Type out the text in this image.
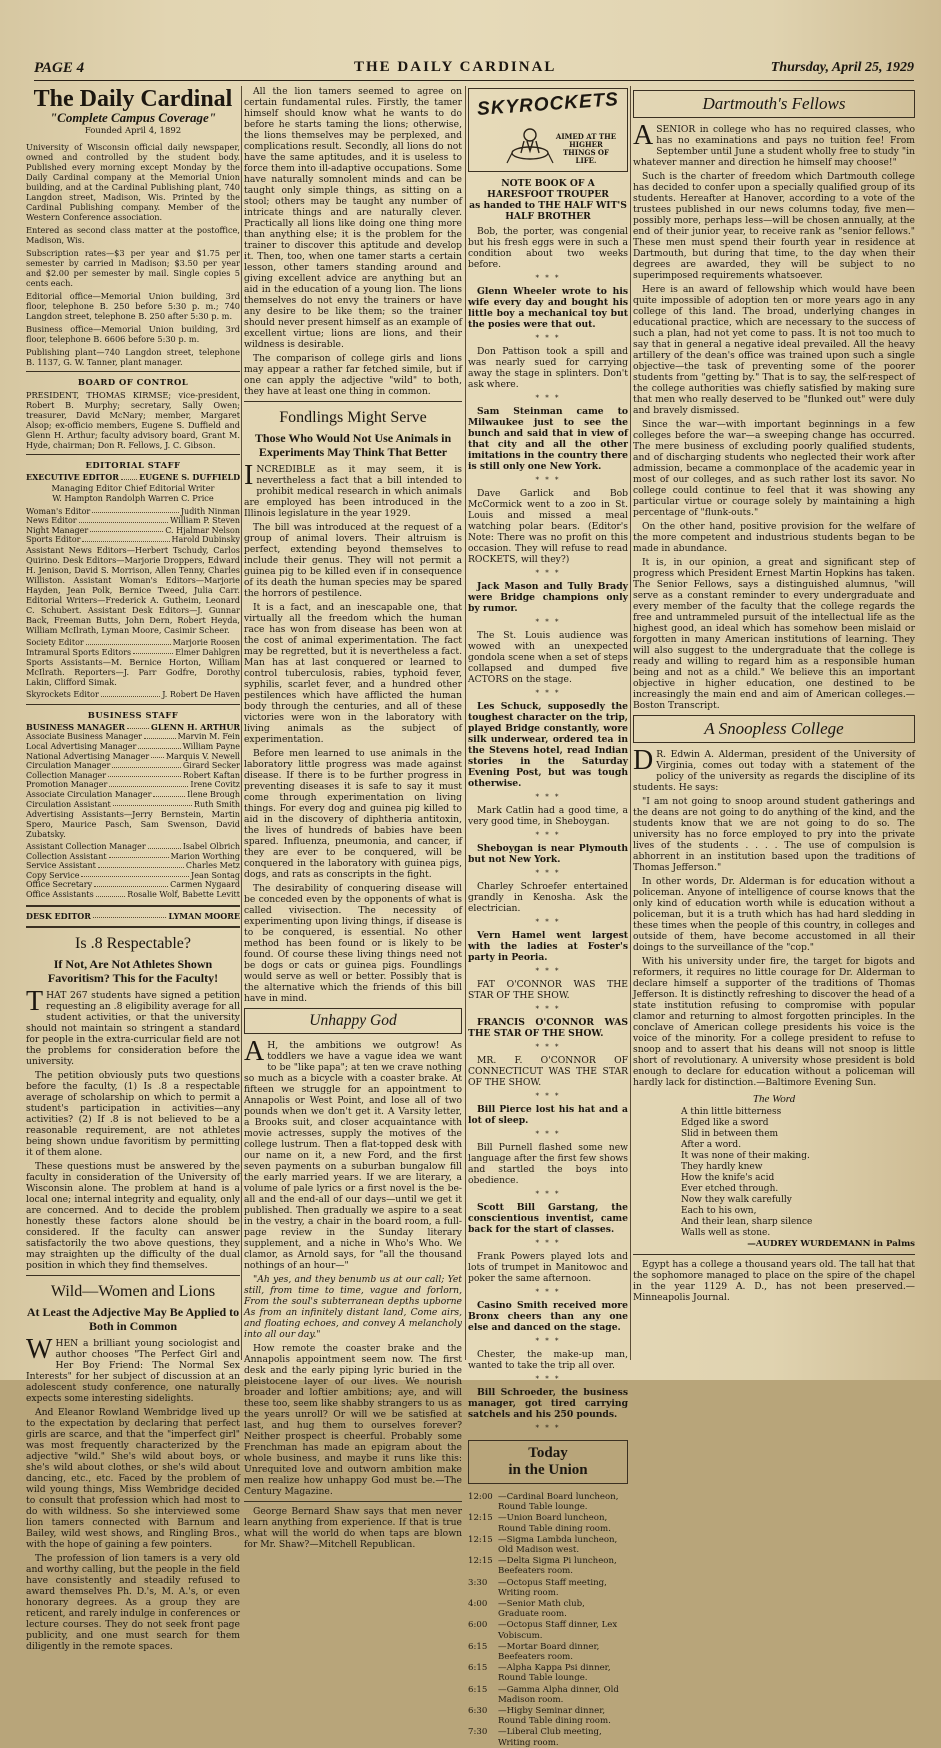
PAGE 4	THE DAILY CARDINAL	Thursday, April 25, 1929
The Daily Cardinal
"Complete Campus Coverage"
Founded April 4, 1892

University of Wisconsin official daily newspaper, owned and controlled by the student body. Published every morning except Monday by the Daily Cardinal company at the Memorial Union building, and at the Cardinal Publishing plant, 740 Langdon street, Madison, Wis. Printed by the Cardinal Publishing company. Member of the Western Conference association.

Entered as second class matter at the postoffice, Madison, Wis.

Subscription rates—$3 per year and $1.75 per semester by carried in Madison; $3.50 per year and $2.00 per semester by mail. Single copies 5 cents each.

Editorial office—Memorial Union building, 3rd floor, telephone B. 250 before 5:30 p. m.; 740 Langdon street, telephone B. 250 after 5:30 p. m.

Business office—Memorial Union building, 3rd floor, telephone B. 6606 before 5:30 p. m.

Publishing plant—740 Langdon street, telephone B. 1137, G. W. Tanner, plant manager.

BOARD OF CONTROL

PRESIDENT, THOMAS KIRMSE; vice-president, Robert B. Murphy; secretary, Sally Owen; treasurer, David McNary; member, Margaret Alsop; ex-officio members, Eugene S. Duffield and Glenn H. Arthur; faculty advisory board, Grant M. Hyde, chairman; Don R. Fellows, J. C. Gibson.

EDITORIAL STAFF
EXECUTIVE EDITOR	EUGENE S. DUFFIELD
Managing Editor Chief Editorial Writer
W. Hampton Randolph Warren C. Price
Woman's Editor	Judith Ninman
News Editor	William P. Steven
Night Manager	C. Hjalmar Nelson
Sports Editor	Harold Dubinsky

Assistant News Editors—Herbert Tschudy, Carlos Quirino. Desk Editors—Marjorie Droppers, Edward H. Jenison, David S. Morrison, Allen Tenny, Charles Williston. Assistant Woman's Editors—Marjorie Hayden, Jean Polk, Bernice Tweed, Julia Carr. Editorial Writers—Frederick A. Gutheim, Leonard C. Schubert. Assistant Desk Editors—J. Gunnar Back, Freeman Butts, John Dern, Robert Heyda, William McIlrath, Lyman Moore, Casimir Scheer.

Society Editor	Marjorie Roosen
Intramural Sports Editors	Elmer Dahlgren

Sports Assistants—M. Bernice Horton, William McIlrath. Reporters—J. Parr Godfre, Dorothy Lakin, Clifford Simak.

Skyrockets Editor	J. Robert De Haven
BUSINESS STAFF
BUSINESS MANAGER	GLENN H. ARTHUR
Associate Business Manager	Marvin M. Fein
Local Advertising Manager	William Payne
National Advertising Manager Marquis V. Newell
Circulation Manager	Girard Secker
Collection Manager	Robert Kaftan
Promotion Manager	Irene Covitz
Associate Circulation Manager	Ilene Brough
Circulation Assistant	Ruth Smith

Advertising Assistants—Jerry Bernstein, Martin Spero, Maurice Pasch, Sam Swenson, David Zubatsky.

Assistant Collection Manager	Isabel Olbrich
Collection Assistant	Marion Worthing
Service Assistant	Charles Metz
Copy Service	Jean Sontag
Office Secretary	Carmen Nygaard
Office Assistants	Rosalie Wolf, Babette Levitt
DESK EDITOR	LYMAN MOORE
Is .8 Respectable?
If Not, Are Not Athletes Shown Favoritism? This for the Faculty!

THAT 267 students have signed a petition requesting an .8 eligibility average for all student activities, or that the university should not maintain so stringent a standard for people in the extra-curricular field are not the problems for consideration before the university.

The petition obviously puts two questions before the faculty, (1) Is .8 a respectable average of scholarship on which to permit a student's participation in activities—any activities? (2) If .8 is not believed to be a reasonable requirement, are not athletes being shown undue favoritism by permitting it of them alone.

These questions must be answered by the faculty in consideration of the University of Wisconsin alone. The problem at hand is a local one; internal integrity and equality, only are concerned. And to decide the problem honestly these factors alone should be considered. If the faculty can answer satisfactorily the two above questions, they may straighten up the difficulty of the dual position in which they find themselves.

Wild—Women and Lions
At Least the Adjective May Be Applied to Both in Common

WHEN a brilliant young sociologist and author chooses "The Perfect Girl and Her Boy Friend: The Normal Sex Interests" for her subject of discussion at an adolescent study conference, one naturally expects some interesting sidelights.

And Eleanor Rowland Wembridge lived up to the expectation by declaring that perfect girls are scarce, and that the "imperfect girl" was most frequently characterized by the adjective "wild." She's wild about boys, or she's wild about clothes, or she's wild about dancing, etc., etc. Faced by the problem of wild young things, Miss Wembridge decided to consult that profession which had most to do with wildness. So she interviewed some lion tamers connected with Barnum and Bailey, wild west shows, and Ringling Bros., with the hope of gaining a few pointers.

The profession of lion tamers is a very old and worthy calling, but the people in the field have consistently and steadily refused to award themselves Ph. D.'s, M. A.'s, or even honorary degrees. As a group they are reticent, and rarely indulge in conferences or lecture courses. They do not seek front page publicity, and one must search for them diligently in the remote spaces.

All the lion tamers seemed to agree on certain fundamental rules. Firstly, the tamer himself should know what he wants to do before he starts taming the lions; otherwise, the lions themselves may be perplexed, and complications result. Secondly, all lions do not have the same aptitudes, and it is useless to force them into ill-adaptive occupations. Some have naturally somnolent minds and can be taught only simple things, as sitting on a stool; others may be taught any number of intricate things and are naturally clever. Practically all lions like doing one thing more than anything else; it is the problem for the trainer to discover this aptitude and develop it. Then, too, when one tamer starts a certain lesson, other tamers standing around and giving excellent advice are anything but an aid in the education of a young lion. The lions themselves do not envy the trainers or have any desire to be like them; so the trainer should never present himself as an example of excellent virtue; lions are lions, and their wildness is desirable.

The comparison of college girls and lions may appear a rather far fetched simile, but if one can apply the adjective "wild" to both, they have at least one thing in common.

Fondlings Might Serve
Those Who Would Not Use Animals in Experiments May Think That Better

INCREDIBLE as it may seem, it is nevertheless a fact that a bill intended to prohibit medical research in which animals are employed has been introduced in the Illinois legislature in the year 1929.

The bill was introduced at the request of a group of animal lovers. Their altruism is perfect, extending beyond themselves to include their genus. They will not permit a guinea pig to be killed even if in consequence of its death the human species may be spared the horrors of pestilence.

It is a fact, and an inescapable one, that virtually all the freedom which the human race has won from disease has been won at the cost of animal experimentation. The fact may be regretted, but it is nevertheless a fact. Man has at last conquered or learned to control tuberculosis, rabies, typhoid fever, syphilis, scarlet fever, and a hundred other pestilences which have afflicted the human body through the centuries, and all of these victories were won in the laboratory with living animals as the subject of experimentation.

Before men learned to use animals in the laboratory little progress was made against disease. If there is to be further progress in preventing diseases it is safe to say it must come through experimentation on living things. For every dog and guinea pig killed to aid in the discovery of diphtheria antitoxin, the lives of hundreds of babies have been spared. Influenza, pneumonia, and cancer, if they are ever to be conquered, will be conquered in the laboratory with guinea pigs, dogs, and rats as conscripts in the fight.

The desirability of conquering disease will be conceded even by the opponents of what is called vivisection. The necessity of experimenting upon living things, if disease is to be conquered, is essential. No other method has been found or is likely to be found. Of course these living things need not be dogs or cats or guinea pigs. Foundlings would serve as well or better. Possibly that is the alternative which the friends of this bill have in mind.

Unhappy God

A H, the ambitions we outgrow! As toddlers we have a vague idea we want to be "like papa"; at ten we crave nothing so much as a bicycle with a coaster brake. At fifteen we struggle for an appointment to Annapolis or West Point, and lose all of two pounds when we don't get it. A Varsity letter, a Brooks suit, and closer acquaintance with movie actresses, supply the motives of the college lustrum. Then a flat-topped desk with our name on it, a new Ford, and the first seven payments on a suburban bungalow fill the early married years. If we are literary, a volume of pale lyrics or a first novel is the be-all and the end-all of our days—until we get it published. Then gradually we aspire to a seat in the vestry, a chair in the board room, a full-page review in the Sunday literary supplement, and a niche in Who's Who. We clamor, as Arnold says, for "all the thousand nothings of an hour—"

"Ah yes, and they benumb us at our call; Yet still, from time to time, vague and forlorn, From the soul's subterranean depths upborne As from an infinitely distant land, Come airs, and floating echoes, and convey A melancholy into all our day."

How remote the coaster brake and the Annapolis appointment seem now. The first desk and the early piping lyric buried in the pleistocene layer of our lives. We nourish broader and loftier ambitions; aye, and will these too, seem like shabby strangers to us as the years unroll? Or will we be satisfied at last, and hug them to ourselves forever? Neither prospect is cheerful. Probably some Frenchman has made an epigram about the whole business, and maybe it runs like this: Unrequited love and outworn ambition make men realize how unhappy God must be.—The Century Magazine.

George Bernard Shaw says that men never learn anything from experience. If that is true what will the world do when taps are blown for Mr. Shaw?—Mitchell Republican.

SKYROCKETS
AIMED AT THE HIGHER THINGS OF LIFE.
NOTE BOOK OF A HARESFOOT TROUPER
as handed to THE HALF WIT'S HALF BROTHER

Bob, the porter, was congenial but his fresh eggs were in such a condition about two weeks before.

* * *

Glenn Wheeler wrote to his wife every day and bought his little boy a mechanical toy but the posies were that out.

* * *

Don Pattison took a spill and was nearly sued for carrying away the stage in splinters. Don't ask where.

* * *

Sam Steinman came to Milwaukee just to see the bunch and said that in view of that city and all the other imitations in the country there is still only one New York.

* * *

Dave Garlick and Bob McCormick went to a zoo in St. Louis and missed a meal watching polar bears. (Editor's Note: There was no profit on this occasion. They will refuse to read ROCKETS, will they?)

* * *

Jack Mason and Tully Brady were Bridge champions only by rumor.

* * *

The St. Louis audience was wowed with an unexpected gondola scene when a set of steps collapsed and dumped five ACTORS on the stage.

* * *

Les Schuck, supposedly the toughest character on the trip, played Bridge constantly, wore silk underwear, ordered tea in the Stevens hotel, read Indian stories in the Saturday Evening Post, but was tough otherwise.

* * *

Mark Catlin had a good time, a very good time, in Sheboygan.

* * *

Sheboygan is near Plymouth but not New York.

* * *

Charley Schroefer entertained grandly in Kenosha. Ask the electrician.

* * *

Vern Hamel went largest with the ladies at Foster's party in Peoria.

* * *

FAT O'CONNOR WAS THE STAR OF THE SHOW.

* * *

FRANCIS O'CONNOR WAS THE STAR OF THE SHOW.

* * *

MR. F. O'CONNOR OF CONNECTICUT WAS THE STAR OF THE SHOW.

* * *

Bill Pierce lost his hat and a lot of sleep.

* * *

Bill Purnell flashed some new language after the first few shows and startled the boys into obedience.

* * *

Scott Bill Garstang, the conscientious inventist, came back for the start of classes.

* * *

Frank Powers played lots and lots of trumpet in Manitowoc and poker the same afternoon.

* * *

Casino Smith received more Bronx cheers than any one else and danced on the stage.

* * *

Chester, the make-up man, wanted to take the trip all over.

* * *

Bill Schroeder, the business manager, got tired carrying satchels and his 250 pounds.

* * *
Today
in the Union
12:00 —Cardinal Board luncheon, Round Table lounge.
12:15 —Union Board luncheon, Round Table dining room.
12:15 —Sigma Lambda luncheon, Old Madison west.
12:15 —Delta Sigma Pi luncheon, Beefeaters room.
3:30	—Octopus Staff meeting, Writing room.
4:00	—Senior Math club, Graduate room.
6:00	—Octopus Staff dinner, Lex Vobiscum.
6:15	—Mortar Board dinner, Beefeaters room.
6:15	—Alpha Kappa Psi dinner, Round Table lounge.
6:15	—Gamma Alpha dinner, Old Madison room.
6:30	—Higby Seminar dinner, Round Table dining room.
7:30	—Liberal Club meeting, Writing room.
Dartmouth's Fellows

ASENIOR in college who has no required classes, who has no examinations and pays no tuition fee! From September until June a student wholly free to study "in whatever manner and direction he himself may choose!"

Such is the charter of freedom which Dartmouth college has decided to confer upon a specially qualified group of its students. Hereafter at Hanover, according to a vote of the trustees published in our news columns today, five men—possibly more, perhaps less—will be chosen annually, at the end of their junior year, to receive rank as "senior fellows." These men must spend their fourth year in residence at Dartmouth, but during that time, to the day when their degrees are awarded, they will be subject to no superimposed requirements whatsoever.

Here is an award of fellowship which would have been quite impossible of adoption ten or more years ago in any college of this land. The broad, underlying changes in educational practice, which are necessary to the success of such a plan, had not yet come to pass. It is not too much to say that in general a negative ideal prevailed. All the heavy artillery of the dean's office was trained upon such a single objective—the task of preventing some of the poorer students from "getting by." That is to say, the self-respect of the college authorities was chiefly satisfied by making sure that men who really deserved to be "flunked out" were duly and bravely dismissed.

Since the war—with important beginnings in a few colleges before the war—a sweeping change has occurred. The mere business of excluding poorly qualified students, and of discharging students who neglected their work after admission, became a commonplace of the academic year in most of our colleges, and as such rather lost its savor. No college could continue to feel that it was showing any particular virtue or courage solely by maintaining a high percentage of "flunk-outs."

On the other hand, positive provision for the welfare of the more competent and industrious students began to be made in abundance.

It is, in our opinion, a great and significant step of progress which President Ernest Martin Hopkins has taken. The Senior Fellows, says a distinguished alumnus, "will serve as a constant reminder to every undergraduate and every member of the faculty that the college regards the free and untrammeled pursuit of the intellectual life as the highest good, an ideal which has somehow been mislaid or forgotten in many American institutions of learning. They will also suggest to the undergraduate that the college is ready and willing to regard him as a responsible human being and not as a child." We believe this an important objective in higher education, one destined to be increasingly the main end and aim of American colleges.—Boston Transcript.

A Snoopless College

D R. Edwin A. Alderman, president of the University of Virginia, comes out today with a statement of the policy of the university as regards the discipline of its students. He says:

"I am not going to snoop around student gatherings and the deans are not going to do anything of the kind, and the students know that we are not going to do so. The university has no force employed to pry into the private lives of the students . . . . The use of compulsion is abhorrent in an institution based upon the traditions of Thomas Jefferson."

In other words, Dr. Alderman is for education without a policeman. Anyone of intelligence of course knows that the only kind of education worth while is education without a policeman, but it is a truth which has had hard sledding in these times when the people of this country, in colleges and outside of them, have become accustomed in all their doings to the surveillance of the "cop."

With his university under fire, the target for bigots and reformers, it requires no little courage for Dr. Alderman to declare himself a supporter of the traditions of Thomas Jefferson. It is distinctly refreshing to discover the head of a state institution refusing to compromise with popular clamor and returning to almost forgotten principles. In the conclave of American college presidents his voice is the voice of the minority. For a college president to refuse to snoop and to assert that his deans will not snoop is little short of revolutionary. A university whose president is bold enough to declare for education without a policeman will hardly lack for distinction.—Baltimore Evening Sun.

The Word
A thin little bitterness
Edged like a sword
Slid in between them
After a word.
It was none of their making.
They hardly knew
How the knife's acid
Ever etched through.
Now they walk carefully
Each to his own,
And their lean, sharp silence
Walls well as stone.
—AUDREY WURDEMANN in Palms

Egypt has a college a thousand years old. The tall hat that the sophomore managed to place on the spire of the chapel in the year 1129 A. D., has not been preserved.—Minneapolis Journal.
